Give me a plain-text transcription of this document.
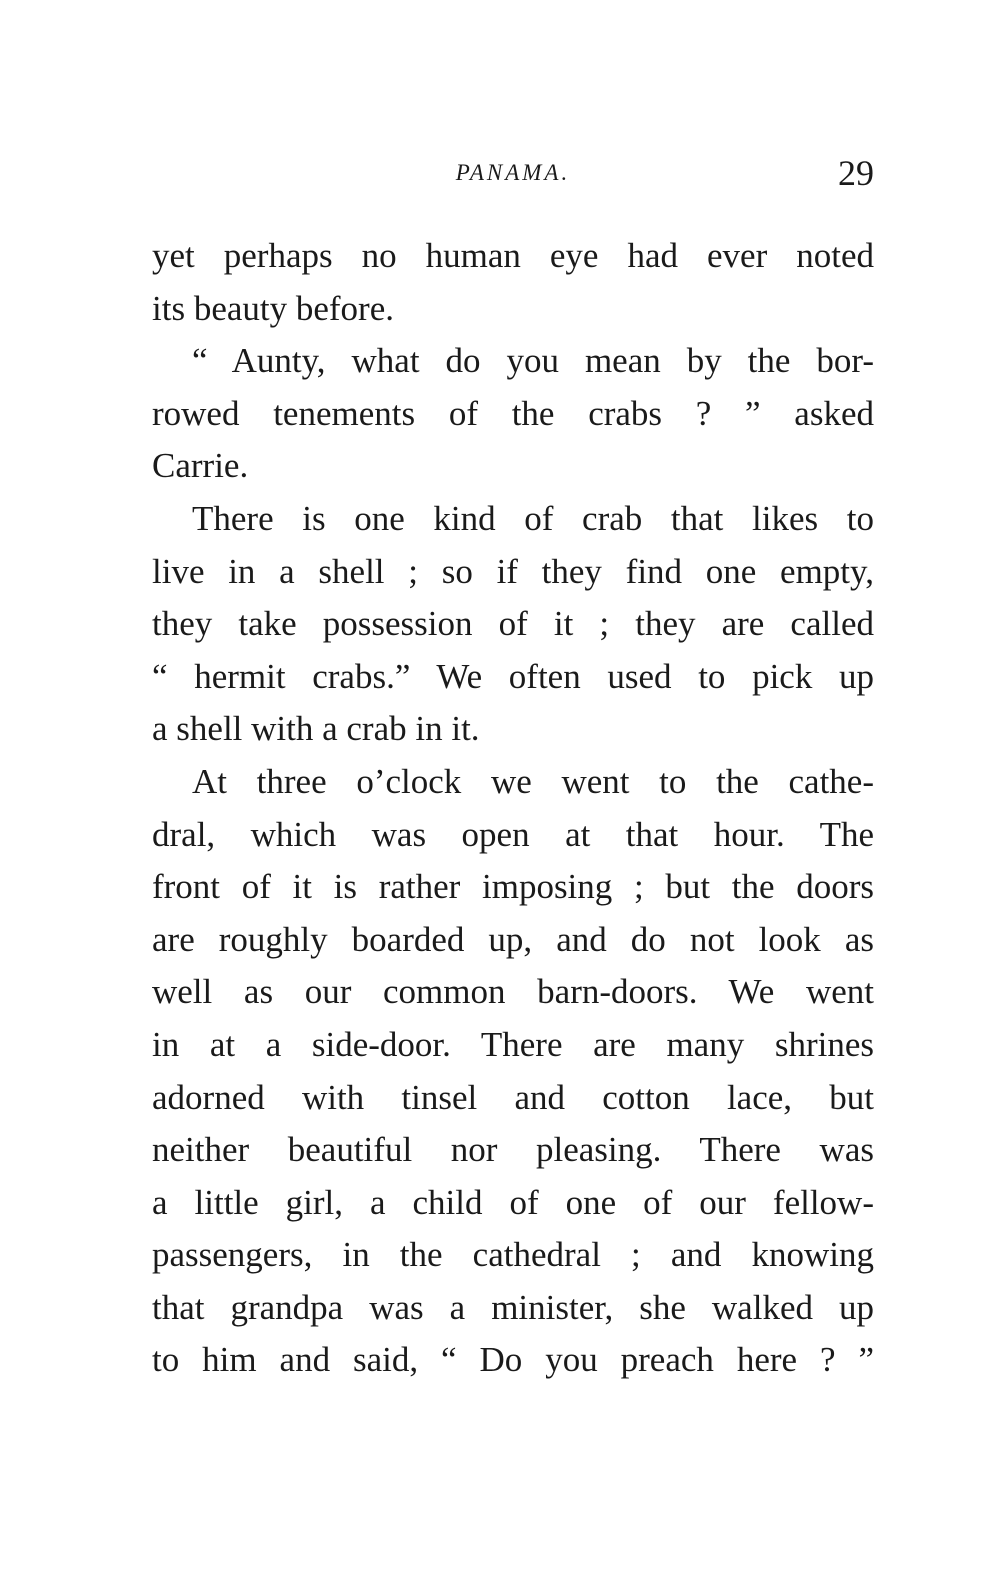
PANAMA.	29
yet perhaps no human eye had ever noted
its beauty before.
“ Aunty, what do you mean by the bor-
rowed tenements of the crabs ? ” asked
Carrie.
There is one kind of crab that likes to
live in a shell ; so if they find one empty,
they take possession of it ; they are called
“ hermit crabs.” We often used to pick up
a shell with a crab in it.
At three o’clock we went to the cathe-
dral, which was open at that hour. The
front of it is rather imposing ; but the doors
are roughly boarded up, and do not look as
well as our common barn-doors. We went
in at a side-door. There are many shrines
adorned with tinsel and cotton lace, but
neither beautiful nor pleasing. There was
a little girl, a child of one of our fellow-
passengers, in the cathedral ; and knowing
that grandpa was a minister, she walked up
to him and said, “ Do you preach here ? ”
